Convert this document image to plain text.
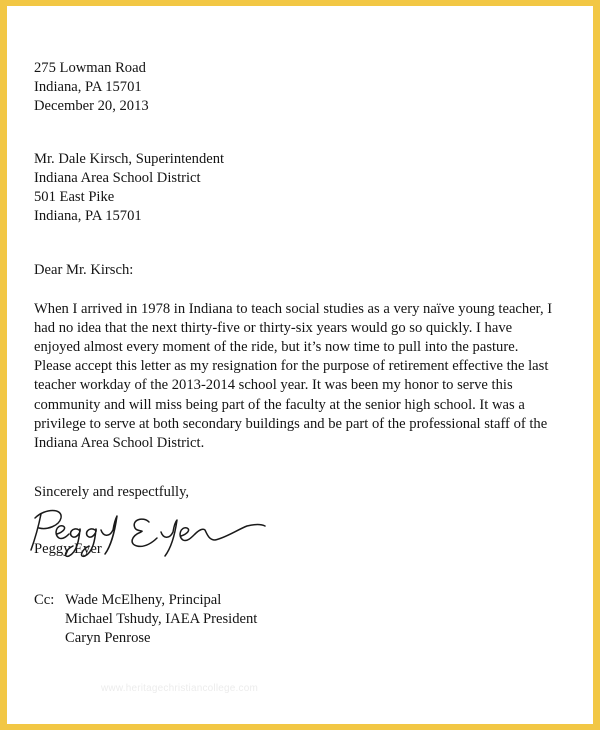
275 Lowman Road
Indiana, PA 15701
December 20, 2013
Mr. Dale Kirsch, Superintendent
Indiana Area School District
501 East Pike
Indiana, PA 15701
Dear Mr. Kirsch:
When I arrived in 1978 in Indiana to teach social studies as a very naïve young teacher, I
had no idea that the next thirty-five or thirty-six years would go so quickly. I have
enjoyed almost every moment of the ride, but it’s now time to pull into the pasture.
Please accept this letter as my resignation for the purpose of retirement effective the last
teacher workday of the 2013-2014 school year. It was been my honor to serve this
community and will miss being part of the faculty at the senior high school. It was a
privilege to serve at both secondary buildings and be part of the professional staff of the
Indiana Area School District.
Sincerely and respectfully,
Peggy Eyer
Cc: Wade McElheny, Principal
Michael Tshudy, IAEA President
Caryn Penrose
www.heritagechristiancollege.com
